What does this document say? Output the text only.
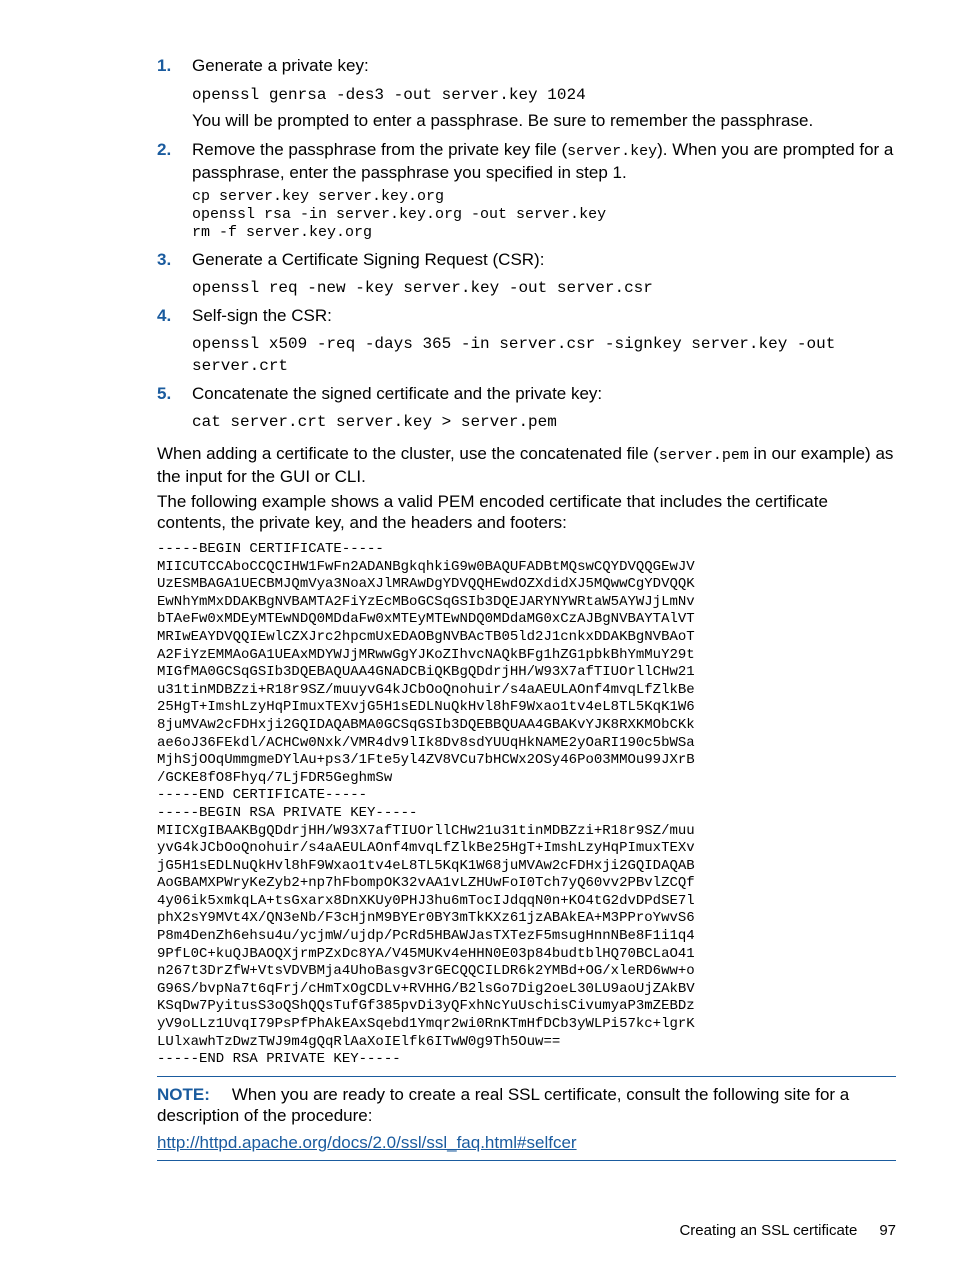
1. Generate a private key:
openssl genrsa -des3 -out server.key 1024
You will be prompted to enter a passphrase. Be sure to remember the passphrase.
2. Remove the passphrase from the private key file (server.key). When you are prompted for a passphrase, enter the passphrase you specified in step 1.
cp server.key server.key.org
openssl rsa -in server.key.org -out server.key
rm -f server.key.org
3. Generate a Certificate Signing Request (CSR):
openssl req -new -key server.key -out server.csr
4. Self-sign the CSR:
openssl x509 -req -days 365 -in server.csr -signkey server.key -out
server.crt
5. Concatenate the signed certificate and the private key:
cat server.crt server.key > server.pem
When adding a certificate to the cluster, use the concatenated file (server.pem in our example) as the input for the GUI or CLI.
The following example shows a valid PEM encoded certificate that includes the certificate contents, the private key, and the headers and footers:
-----BEGIN CERTIFICATE-----
MIICUTCCAboCCQCIHW1FwFn2ADANBgkqhkiG9w0BAQUFADBtMQswCQYDVQQGEwJV
UzESMBAGA1UECBMJQmVya3NoaXJlMRAwDgYDVQQHEwdOZXdidXJ5MQwwCgYDVQQK
EwNhYmMxDDAKBgNVBAMTA2FiYzEcMBoGCSqGSIb3DQEJARYNYWRtaW5AYWJjLmNv
bTAeFw0xMDEyMTEwNDQ0MDdaFw0xMTEyMTEwNDQ0MDdaMG0xCzAJBgNVBAYTAlVT
MRIwEAYDVQQIEwlCZXJrc2hpcmUxEDAOBgNVBAcTB05ld2J1cnkxDDAKBgNVBAoT
A2FiYzEMMAoGA1UEAxMDYWJjMRwwGgYJKoZIhvcNAQkBFg1hZG1pbkBhYmMuY29t
MIGfMA0GCSqGSIb3DQEBAQUAA4GNADCBiQKBgQDdrjHH/W93X7afTIUOrllCHw21
u31tinMDBZzi+R18r9SZ/muuyvG4kJCbOoQnohuir/s4aAEULAOnf4mvqLfZlkBe
25HgT+ImshLzyHqPImuxTEXvjG5H1sEDLNuQkHvl8hF9Wxao1tv4eL8TL5KqK1W6
8juMVAw2cFDHxji2GQIDAQABMA0GCSqGSIb3DQEBBQUAA4GBAKvYJK8RXKMObCKk
ae6oJ36FEkdl/ACHCw0Nxk/VMR4dv9lIk8Dv8sdYUUqHkNAME2yOaRI190c5bWSa
MjhSjOOqUmmgmeDYlAu+ps3/1Fte5yl4ZV8VCu7bHCWx2OSy46Po03MMOu99JXrB
/GCKE8fO8Fhyq/7LjFDR5GeghmSw
-----END CERTIFICATE-----
-----BEGIN RSA PRIVATE KEY-----
MIICXgIBAAKBgQDdrjHH/W93X7afTIUOrllCHw21u31tinMDBZzi+R18r9SZ/muu
yvG4kJCbOoQnohuir/s4aAEULAOnf4mvqLfZlkBe25HgT+ImshLzyHqPImuxTEXv
jG5H1sEDLNuQkHvl8hF9Wxao1tv4eL8TL5KqK1W68juMVAw2cFDHxji2GQIDAQAB
AoGBAMXPWryKeZyb2+np7hFbompOK32vAA1vLZHUwFoI0Tch7yQ60vv2PBvlZCQf
4y06ik5xmkqLA+tsGxarx8DnXKUy0PHJ3hu6mTocIJdqqN0n+KO4tG2dvDPdSE7l
phX2sY9MVt4X/QN3eNb/F3cHjnM9BYEr0BY3mTkKXz61jzABAkEA+M3PProYwvS6
P8m4DenZh6ehsu4u/ycjmW/ujdp/PcRd5HBAWJasTXTezF5msugHnnNBe8F1i1q4
9PfL0C+kuQJBAOQXjrmPZxDc8YA/V45MUKv4eHHN0E03p84budtblHQ70BCLaO41
n267t3DrZfW+VtsVDVBMja4UhoBasgv3rGECQQCILDR6k2YMBd+OG/xleRD6ww+o
G96S/bvpNa7t6qFrj/cHmTxOgCDLv+RVHHG/B2lsGo7Dig2oeL30LU9aoUjZAkBV
KSqDw7PyitusS3oQShQQsTufGf385pvDi3yQFxhNcYuUschisCivumyaP3mZEBDz
yV9oLLz1UvqI79PsPfPhAkEAxSqebd1Ymqr2wi0RnKTmHfDCb3yWLPi57kc+lgrK
LUlxawhTzDwzTWJ9m4gQqRlAaXoIElfk6ITwW0g9Th5Ouw==
-----END RSA PRIVATE KEY-----
NOTE: When you are ready to create a real SSL certificate, consult the following site for a description of the procedure:
http://httpd.apache.org/docs/2.0/ssl/ssl_faq.html#selfcer
Creating an SSL certificate 97
